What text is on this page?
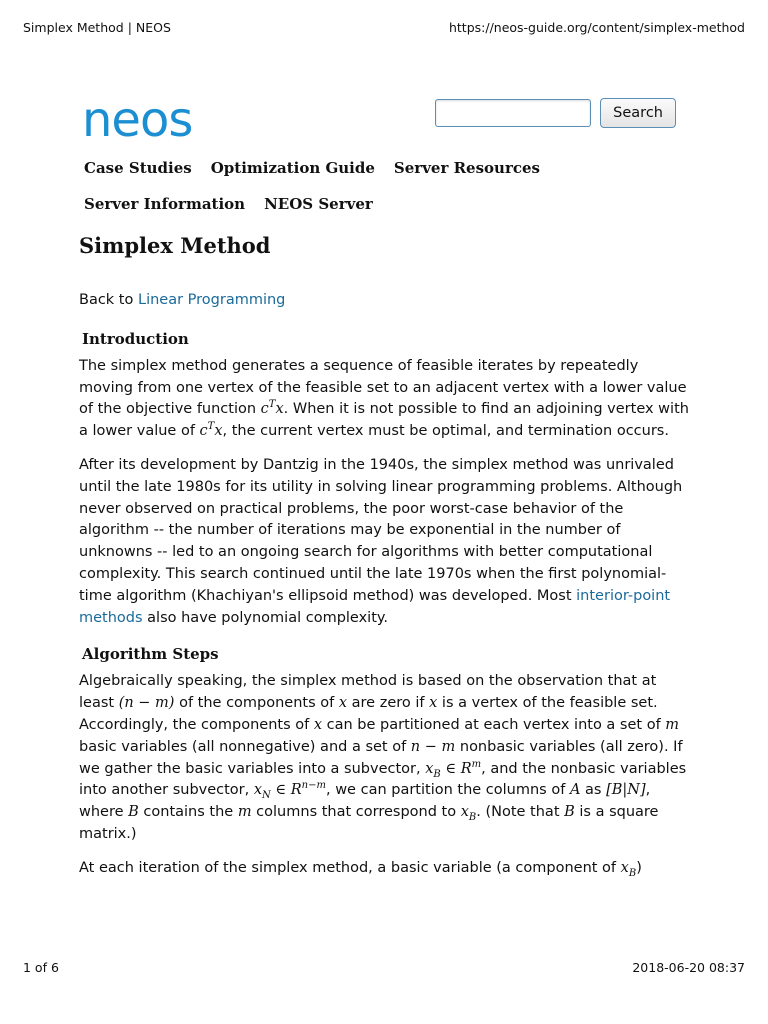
Simplex Method | NEOS	https://neos-guide.org/content/simplex-method
neos	Search
Case Studies Optimization Guide Server Resources
Server Information NEOS Server
Simplex Method

Back to Linear Programming

Introduction

The simplex method generates a sequence of feasible iterates by repeatedly moving from one vertex of the feasible set to an adjacent vertex with a lower value of the objective function $c^Tx$. When it is not possible to find an adjoining vertex with a lower value of $c^Tx$, the current vertex must be optimal, and termination occurs.

After its development by Dantzig in the 1940s, the simplex method was unrivaled until the late 1980s for its utility in solving linear programming problems. Although never observed on practical problems, the poor worst-case behavior of the algorithm -- the number of iterations may be exponential in the number of unknowns -- led to an ongoing search for algorithms with better computational complexity. This search continued until the late 1970s when the first polynomial-time algorithm (Khachiyan's ellipsoid method) was developed. Most interior-point methods also have polynomial complexity.

Algorithm Steps

Algebraically speaking, the simplex method is based on the observation that at least (n − m) of the components of x are zero if x is a vertex of the feasible set. Accordingly, the components of x can be partitioned at each vertex into a set of m basic variables (all nonnegative) and a set of n − m nonbasic variables (all zero). If we gather the basic variables into a subvector, $x_B$ ∈ $R^m$, and the nonbasic variables into another subvector, $x_N$ ∈ $R^{n-m}$, we can partition the columns of A as [B|N], where B contains the m columns that correspond to $x_B$. (Note that B is a square matrix.)

At each iteration of the simplex method, a basic variable (a component of $x_B$)

1 of 6	2018-06-20 08:37
